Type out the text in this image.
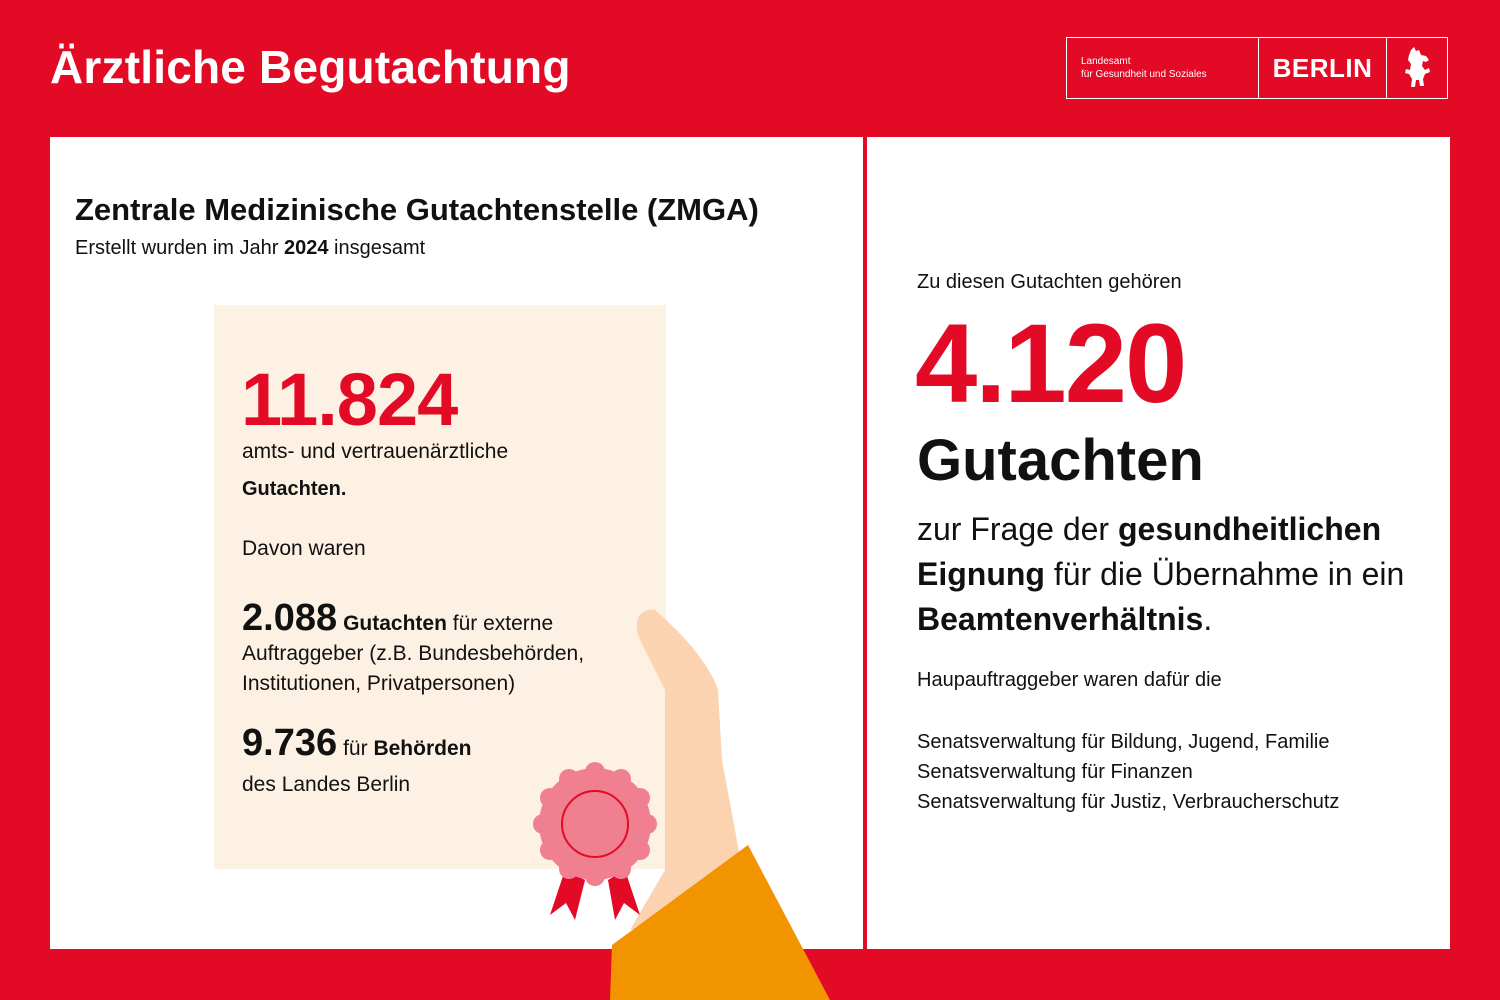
Ärztliche Begutachtung	Landesamt
für Gesundheit und Soziales	BERLIN
Zentrale Medizinische Gutachtenstelle (ZMGA)
Erstellt wurden im Jahr 2024 insgesamt
11.824
amts- und vertrauenärztliche
Gutachten.
Davon waren
2.088 Gutachten für externe Auftraggeber (z.B. Bundesbehörden, Institutionen, Privatpersonen)
9.736 für Behörden
des Landes Berlin
Zu diesen Gutachten gehören
4.120
Gutachten
zur Frage der gesundheitlichen Eignung für die Übernahme in ein Beamtenverhältnis.
Haupauftraggeber waren dafür die
Senatsverwaltung für Bildung, Jugend, Familie
Senatsverwaltung für Finanzen
Senatsverwaltung für Justiz, Verbraucherschutz
